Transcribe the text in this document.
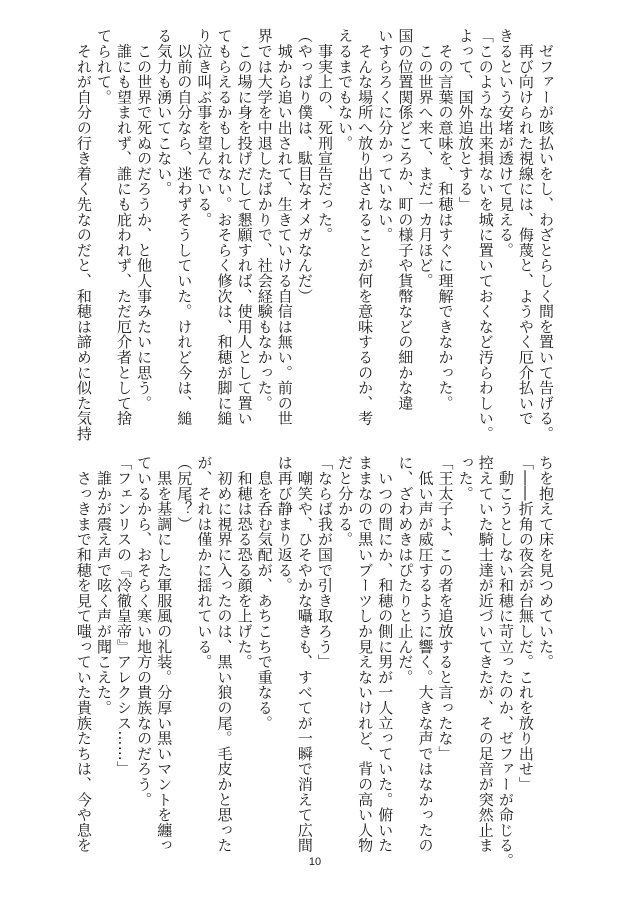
　ゼファーが咳払いをし、わざとらしく間を置いて告げる。
　再び向けられた視線には、侮蔑と、ようやく厄介払いで
きるという安堵が透けて見える。
「このような出来損ないを城に置いておくなど汚らわしい。
よって、国外追放とする」
　その言葉の意味を、和穂はすぐに理解できなかった。
　この世界へ来て、まだ一カ月ほど。
国の位置関係どころか、町の様子や貨幣などの細かな違
いすらろくに分かっていない。
　そんな場所へ放り出されることが何を意味するのか、考
えるまでもない。
　事実上の、死刑宣告だった。
（やっぱり僕は、駄目なオメガなんだ）
　城から追い出されて、生きていける自信は無い。前の世
界では大学を中退したばかりで、社会経験もなかった。
　この場に身を投げだして懇願すれば、使用人として置い
てもらえるかもしれない。おそらく修次は、和穂が脚に縋
り泣き叫ぶ事を望んでいる。
　以前の自分なら、迷わずそうしていた。けれど今は、縋
る気力も湧いてこない。
　この世界で死ぬのだろうか、と他人事みたいに思う。
　誰にも望まれず、誰にも庇われず、ただ厄介者として捨
てられて。
　それが自分の行き着く先なのだと、和穂は諦めに似た気持
ちを抱えて床を見つめていた。
「――折角の夜会が台無しだ。これを放り出せ」
　動こうとしない和穂に苛立ったのか、ゼファーが命じる。
控えていた騎士達が近づいてきたが、その足音が突然止ま
った。
「王太子よ、この者を追放すると言ったな」
　低い声が威圧するように響く。大きな声ではなかったの
に、ざわめきはぴたりと止んだ。
　いつの間にか、和穂の側に男が一人立っていた。俯いた
ままなので黒いブーツしか見えないけれど、背の高い人物
だと分かる。
「ならば我が国で引き取ろう」
　嘲笑や、ひそやかな囁きも、すべてが一瞬で消えて広間
は再び静まり返る。
　息を呑む気配が、あちこちで重なる。
　和穂は恐る恐る顔を上げた。
　初めに視界に入ったのは、黒い狼の尾。毛皮かと思った
が、それは僅かに揺れている。
（尻尾？）
　黒を基調にした軍服風の礼装。分厚い黒いマントを纏っ
ているから、おそらく寒い地方の貴族なのだろう。
「フェンリスの『冷徹皇帝』アレクシス……」
　誰かが震え声で呟く声が聞こえた。
　さっきまで和穂を見て嗤っていた貴族たちは、今や息を
10
